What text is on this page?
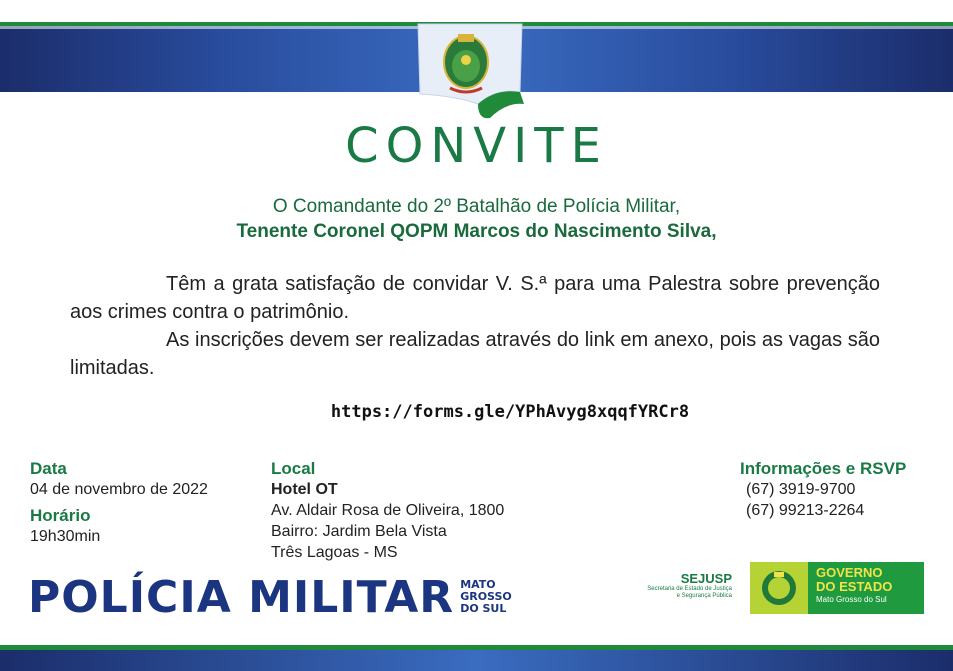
CONVITE
O Comandante do 2º Batalhão de Polícia Militar,
Tenente Coronel QOPM Marcos do Nascimento Silva,

Têm a grata satisfação de convidar V. S.ª para uma Palestra sobre prevenção aos crimes contra o patrimônio.

As inscrições devem ser realizadas através do link em anexo, pois as vagas são limitadas.

https://forms.gle/YPhAvyg8xqqfYRCr8
Data
04 de novembro de 2022
Horário
19h30min
Local
Hotel OT
Av. Aldair Rosa de Oliveira, 1800
Bairro: Jardim Bela Vista
Três Lagoas - MS
Informações e RSVP
(67) 3919-9700
(67) 99213-2264
POLÍCIA MILITAR MATO
GROSSO
DO SUL
SEJUSP
Secretaria de Estado de Justiça
e Segurança Pública
GOVERNO
DO ESTADO
Mato Grosso do Sul
